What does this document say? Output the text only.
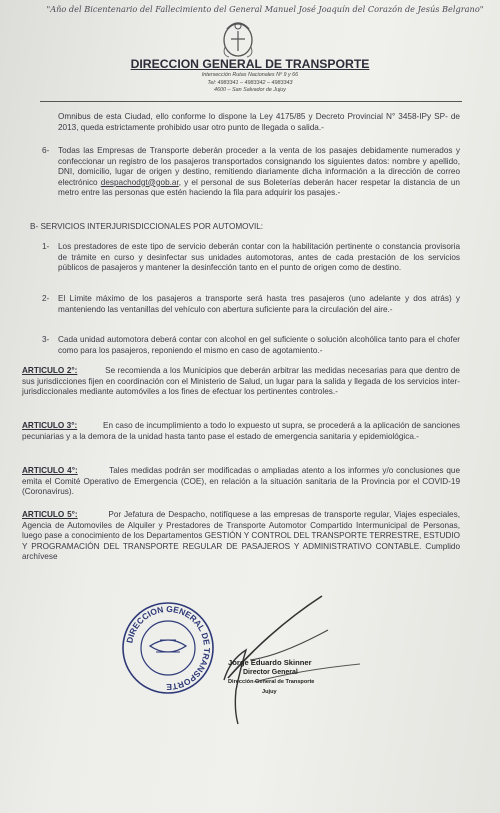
"Año del Bicentenario del Fallecimiento del General Manuel José Joaquín del Corazón de Jesús Belgrano"
DIRECCION GENERAL DE TRANSPORTE
Intersección Rutas Nacionales Nº 9 y 66
Tel: 4983341 – 4983342 – 4983343
4600 – San Salvador de Jujuy

Omnibus de esta Ciudad, ello conforme lo dispone la Ley 4175/85 y Decreto Provincial N° 3458-IPy SP- de 2013, queda estrictamente prohibido usar otro punto de llegada o salida.-

6- Todas las Empresas de Transporte deberán proceder a la venta de los pasajes debidamente numerados y confeccionar un registro de los pasajeros transportados consignando los siguientes datos: nombre y apellido, DNI, domicilio, lugar de origen y destino, remitiendo diariamente dicha información a la dirección de correo electrónico despachodgt@gob.ar, y el personal de sus Boleterías deberán hacer respetar la distancia de un metro entre las personas que estén haciendo la fila para adquirir los pasajes.-

B- SERVICIOS INTERJURISDICCIONALES POR AUTOMOVIL:
1- Los prestadores de este tipo de servicio deberán contar con la habilitación pertinente o constancia provisoria de trámite en curso y desinfectar sus unidades automotoras, antes de cada prestación de los servicios públicos de pasajeros y mantener la desinfección tanto en el punto de origen como de destino.

2- El Límite máximo de los pasajeros a transporte será hasta tres pasajeros (uno adelante y dos atrás) y manteniendo las ventanillas del vehículo con abertura suficiente para la circulación del aire.-

3- Cada unidad automotora deberá contar con alcohol en gel suficiente o solución alcohólica tanto para el chofer como para los pasajeros, reponiendo el mismo en caso de agotamiento.-

ARTICULO 2°:	Se recomienda a los Municipios que deberán arbitrar las medidas necesarias para que dentro de sus jurisdicciones fijen en coordinación con el Ministerio de Salud, un lugar para la salida y llegada de los servicios inter-jurisdiccionales mediante automóviles a los fines de efectuar los pertinentes controles.-

ARTICULO 3°:	En caso de incumplimiento a todo lo expuesto ut supra, se procederá a la aplicación de sanciones pecuniarias y a la demora de la unidad hasta tanto pase el estado de emergencia sanitaria y epidemiológica.-

ARTICULO 4°:	Tales medidas podrán ser modificadas o ampliadas atento a los informes y/o conclusiones que emita el Comité Operativo de Emergencia (COE), en relación a la situación sanitaria de la Provincia por el COVID-19 (Coronavirus).

ARTICULO 5°:	Por Jefatura de Despacho, notifíquese a las empresas de transporte regular, Viajes especiales, Agencia de Automoviles de Alquiler y Prestadores de Transporte Automotor Compartido Intermunicipal de Personas, luego pase a conocimiento de los Departamentos GESTIÓN Y CONTROL DEL TRANSPORTE TERRESTRE, ESTUDIO Y PROGRAMACIÓN DEL TRANSPORTE REGULAR DE PASAJEROS Y ADMINISTRATIVO CONTABLE. Cumplido archívese

DIRECCION GENERAL DE TRANSPORTE
Jorge Eduardo Skinner
Director General
Dirección General de Transporte
Jujuy
